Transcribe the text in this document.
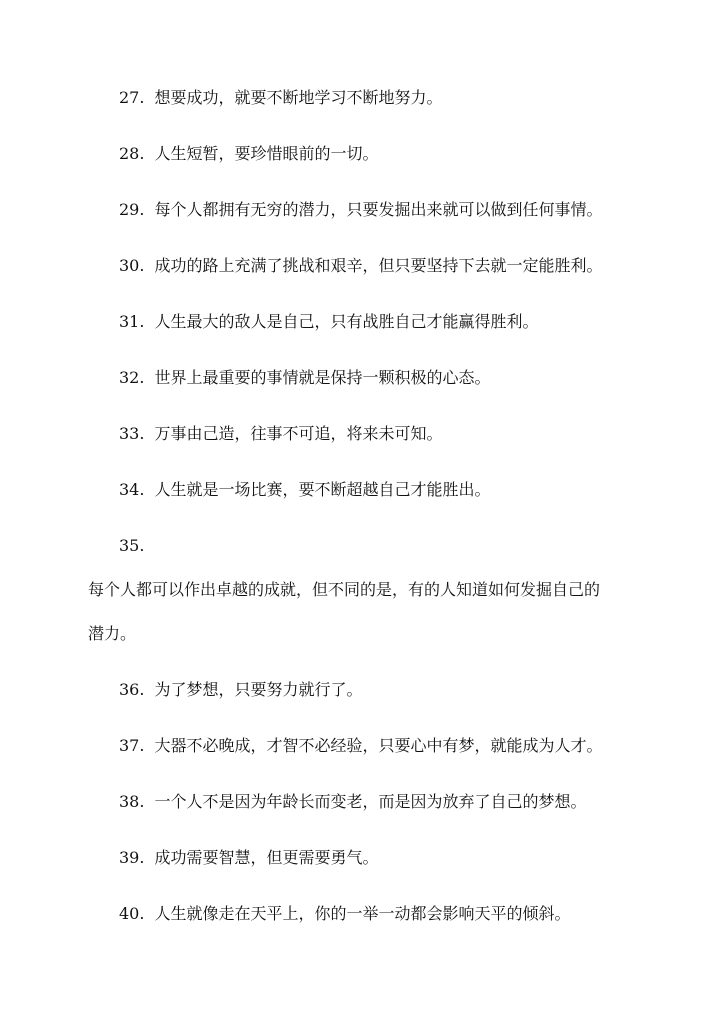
27. 想要成功，就要不断地学习不断地努力。
28. 人生短暂，要珍惜眼前的一切。
29. 每个人都拥有无穷的潜力，只要发掘出来就可以做到任何事情。
30. 成功的路上充满了挑战和艰辛，但只要坚持下去就一定能胜利。
31. 人生最大的敌人是自己，只有战胜自己才能赢得胜利。
32. 世界上最重要的事情就是保持一颗积极的心态。
33. 万事由己造，往事不可追，将来未可知。
34. 人生就是一场比赛，要不断超越自己才能胜出。
35.
每个人都可以作出卓越的成就，但不同的是，有的人知道如何发掘自己的
潜力。
36. 为了梦想，只要努力就行了。
37. 大器不必晚成，才智不必经验，只要心中有梦，就能成为人才。
38. 一个人不是因为年龄长而变老，而是因为放弃了自己的梦想。
39. 成功需要智慧，但更需要勇气。
40. 人生就像走在天平上，你的一举一动都会影响天平的倾斜。
